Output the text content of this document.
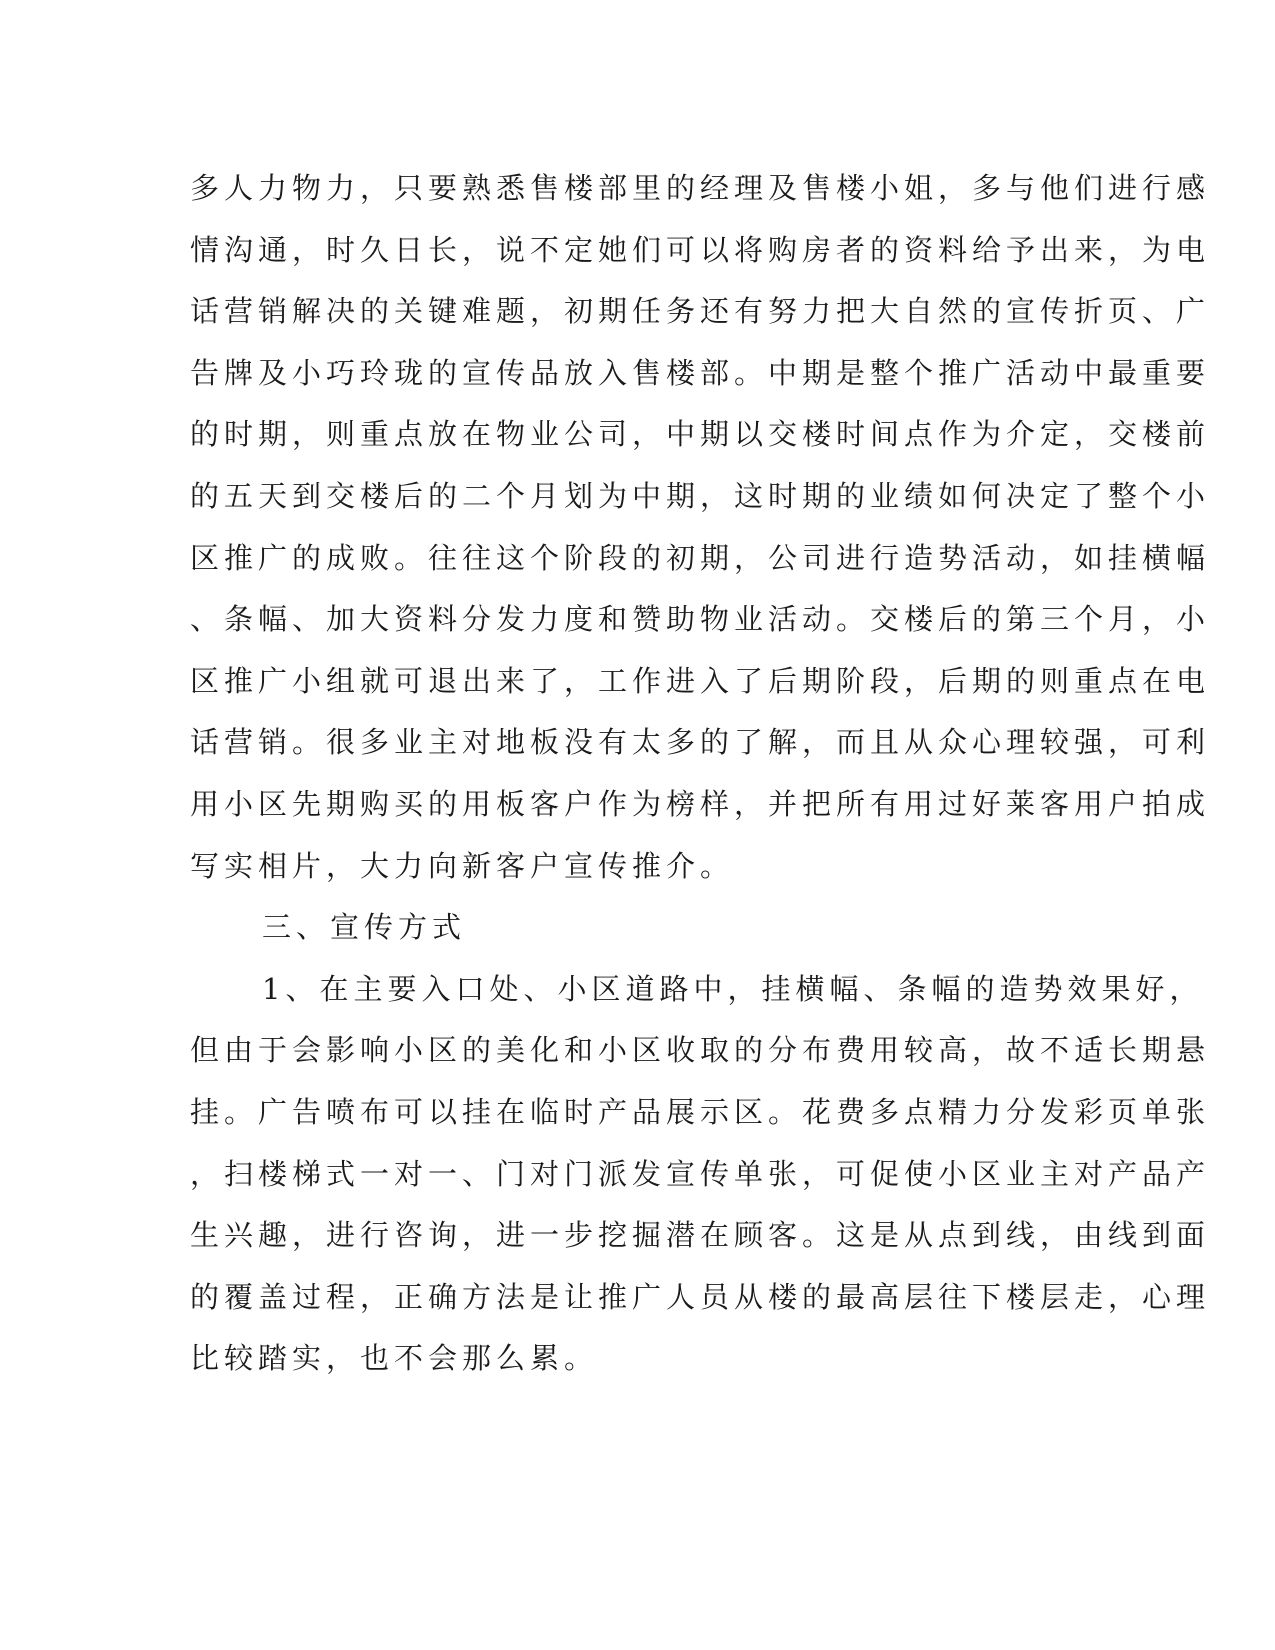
多人力物力，只要熟悉售楼部里的经理及售楼小姐，多与他们进行感
情沟通，时久日长，说不定她们可以将购房者的资料给予出来，为电
话营销解决的关键难题，初期任务还有努力把大自然的宣传折页、广
告牌及小巧玲珑的宣传品放入售楼部。中期是整个推广活动中最重要
的时期，则重点放在物业公司，中期以交楼时间点作为介定，交楼前
的五天到交楼后的二个月划为中期，这时期的业绩如何决定了整个小
区推广的成败。往往这个阶段的初期，公司进行造势活动，如挂横幅
、条幅、加大资料分发力度和赞助物业活动。交楼后的第三个月，小
区推广小组就可退出来了，工作进入了后期阶段，后期的则重点在电
话营销。很多业主对地板没有太多的了解，而且从众心理较强，可利
用小区先期购买的用板客户作为榜样，并把所有用过好莱客用户拍成
写实相片，大力向新客户宣传推介。
三、宣传方式
1、在主要入口处、小区道路中，挂横幅、条幅的造势效果好，
但由于会影响小区的美化和小区收取的分布费用较高，故不适长期悬
挂。广告喷布可以挂在临时产品展示区。花费多点精力分发彩页单张
，扫楼梯式一对一、门对门派发宣传单张，可促使小区业主对产品产
生兴趣，进行咨询，进一步挖掘潜在顾客。这是从点到线，由线到面
的覆盖过程，正确方法是让推广人员从楼的最高层往下楼层走，心理
比较踏实，也不会那么累。
